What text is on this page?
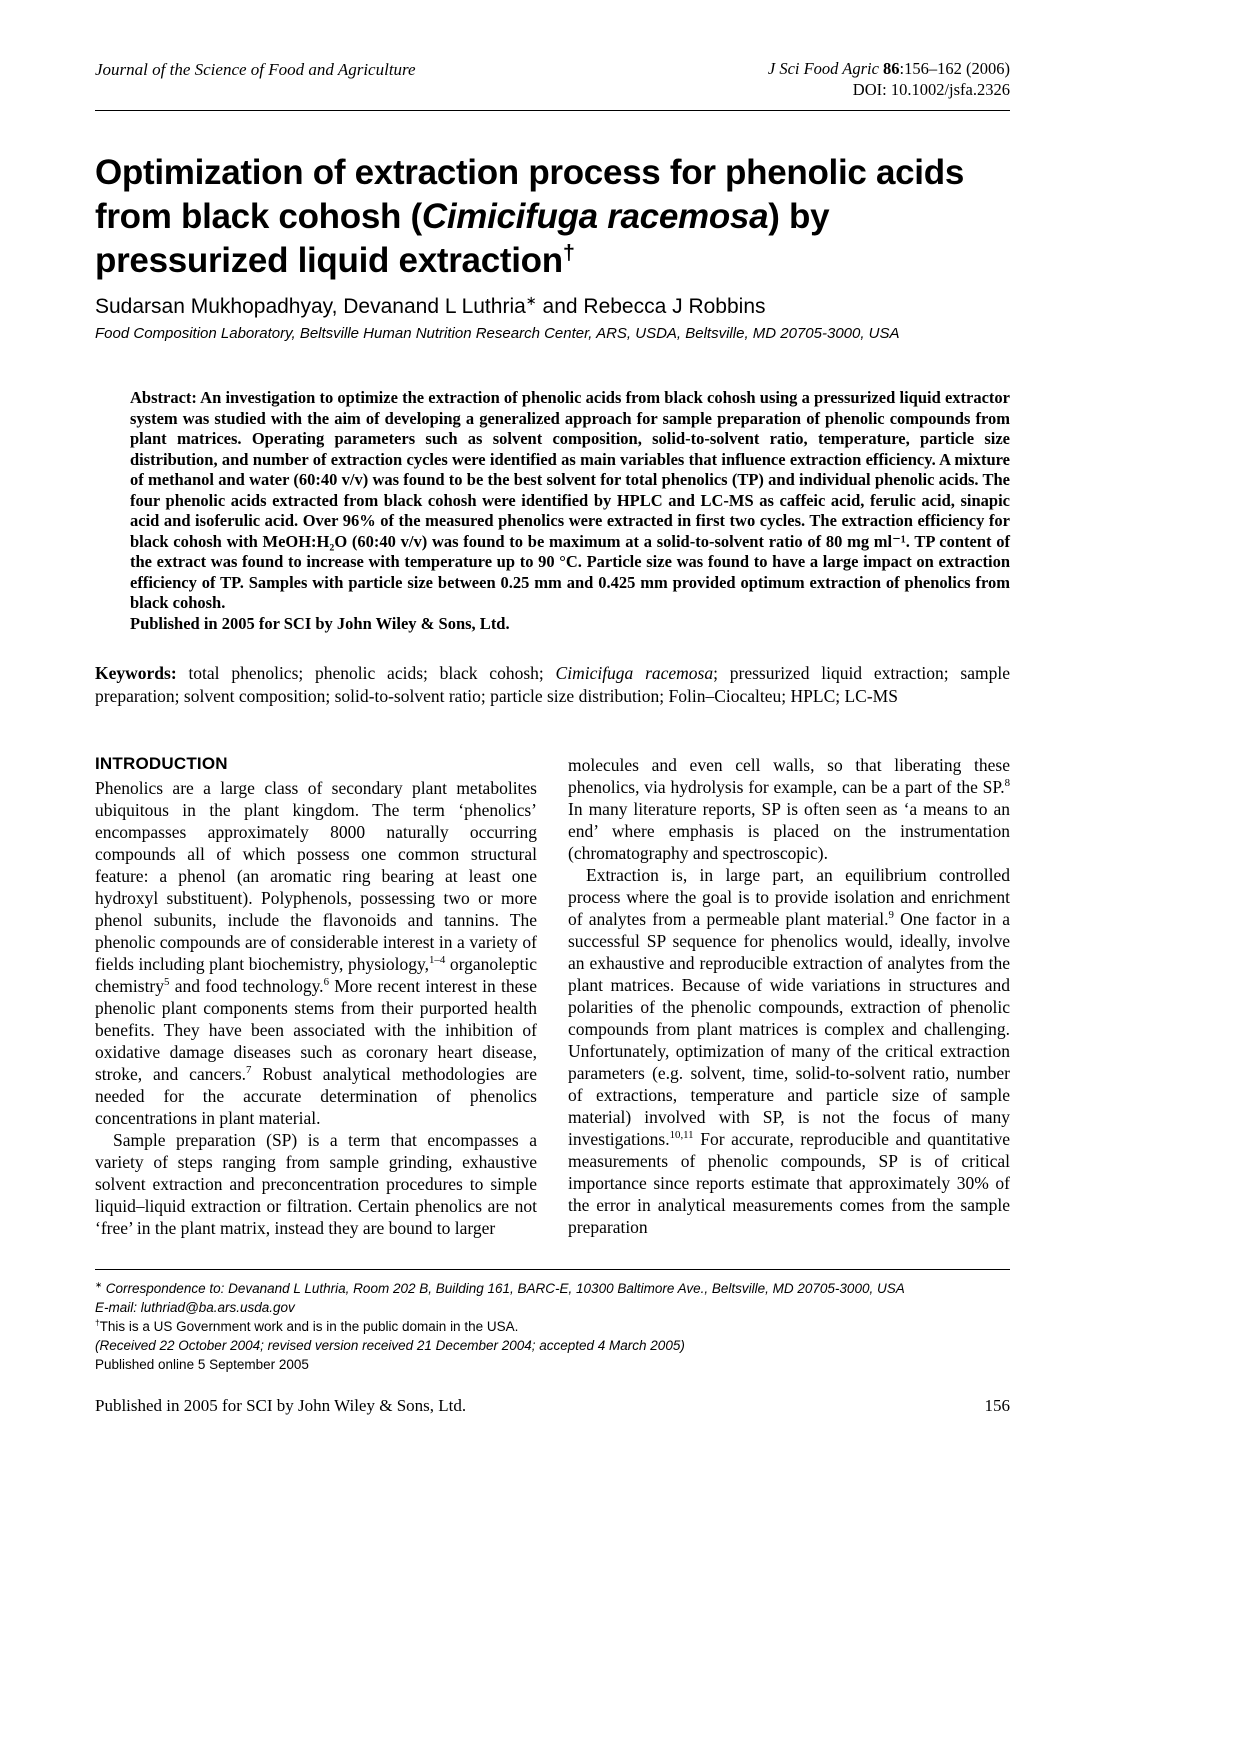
Journal of the Science of Food and Agriculture	J Sci Food Agric 86:156–162 (2006)
DOI: 10.1002/jsfa.2326
Optimization of extraction process for phenolic acids from black cohosh (Cimicifuga racemosa) by pressurized liquid extraction†
Sudarsan Mukhopadhyay, Devanand L Luthria∗ and Rebecca J Robbins
Food Composition Laboratory, Beltsville Human Nutrition Research Center, ARS, USDA, Beltsville, MD 20705-3000, USA

Abstract: An investigation to optimize the extraction of phenolic acids from black cohosh using a pressurized liquid extractor system was studied with the aim of developing a generalized approach for sample preparation of phenolic compounds from plant matrices. Operating parameters such as solvent composition, solid-to-solvent ratio, temperature, particle size distribution, and number of extraction cycles were identified as main variables that influence extraction efficiency. A mixture of methanol and water (60:40 v/v) was found to be the best solvent for total phenolics (TP) and individual phenolic acids. The four phenolic acids extracted from black cohosh were identified by HPLC and LC-MS as caffeic acid, ferulic acid, sinapic acid and isoferulic acid. Over 96% of the measured phenolics were extracted in first two cycles. The extraction efficiency for black cohosh with MeOH:H₂O (60:40 v/v) was found to be maximum at a solid-to-solvent ratio of 80 mg ml⁻¹. TP content of the extract was found to increase with temperature up to 90 °C. Particle size was found to have a large impact on extraction efficiency of TP. Samples with particle size between 0.25 mm and 0.425 mm provided optimum extraction of phenolics from black cohosh.

Published in 2005 for SCI by John Wiley & Sons, Ltd.

Keywords: total phenolics; phenolic acids; black cohosh; Cimicifuga racemosa; pressurized liquid extraction; sample preparation; solvent composition; solid-to-solvent ratio; particle size distribution; Folin–Ciocalteu; HPLC; LC-MS

INTRODUCTION

Phenolics are a large class of secondary plant metabolites ubiquitous in the plant kingdom. The term ‘phenolics’ encompasses approximately 8000 naturally occurring compounds all of which possess one common structural feature: a phenol (an aromatic ring bearing at least one hydroxyl substituent). Polyphenols, possessing two or more phenol subunits, include the flavonoids and tannins. The phenolic compounds are of considerable interest in a variety of fields including plant biochemistry, physiology,$^{1-4}$ organoleptic chemistry$^5$ and food technology.$^6$ More recent interest in these phenolic plant components stems from their purported health benefits. They have been associated with the inhibition of oxidative damage diseases such as coronary heart disease, stroke, and cancers.$^7$ Robust analytical methodologies are needed for the accurate determination of phenolics concentrations in plant material.

Sample preparation (SP) is a term that encompasses a variety of steps ranging from sample grinding, exhaustive solvent extraction and preconcentration procedures to simple liquid–liquid extraction or filtration. Certain phenolics are not ‘free’ in the plant matrix, instead they are bound to larger

molecules and even cell walls, so that liberating these phenolics, via hydrolysis for example, can be a part of the SP.$^8$ In many literature reports, SP is often seen as ‘a means to an end’ where emphasis is placed on the instrumentation (chromatography and spectroscopic).

Extraction is, in large part, an equilibrium controlled process where the goal is to provide isolation and enrichment of analytes from a permeable plant material.$^9$ One factor in a successful SP sequence for phenolics would, ideally, involve an exhaustive and reproducible extraction of analytes from the plant matrices. Because of wide variations in structures and polarities of the phenolic compounds, extraction of phenolic compounds from plant matrices is complex and challenging. Unfortunately, optimization of many of the critical extraction parameters (e.g. solvent, time, solid-to-solvent ratio, number of extractions, temperature and particle size of sample material) involved with SP, is not the focus of many investigations.$^{10,11}$ For accurate, reproducible and quantitative measurements of phenolic compounds, SP is of critical importance since reports estimate that approximately 30% of the error in analytical measurements comes from the sample preparation

∗ Correspondence to: Devanand L Luthria, Room 202 B, Building 161, BARC-E, 10300 Baltimore Ave., Beltsville, MD 20705-3000, USA

E-mail: luthriad@ba.ars.usda.gov

†This is a US Government work and is in the public domain in the USA.

(Received 22 October 2004; revised version received 21 December 2004; accepted 4 March 2005)

Published online 5 September 2005

Published in 2005 for SCI by John Wiley & Sons, Ltd.	156
